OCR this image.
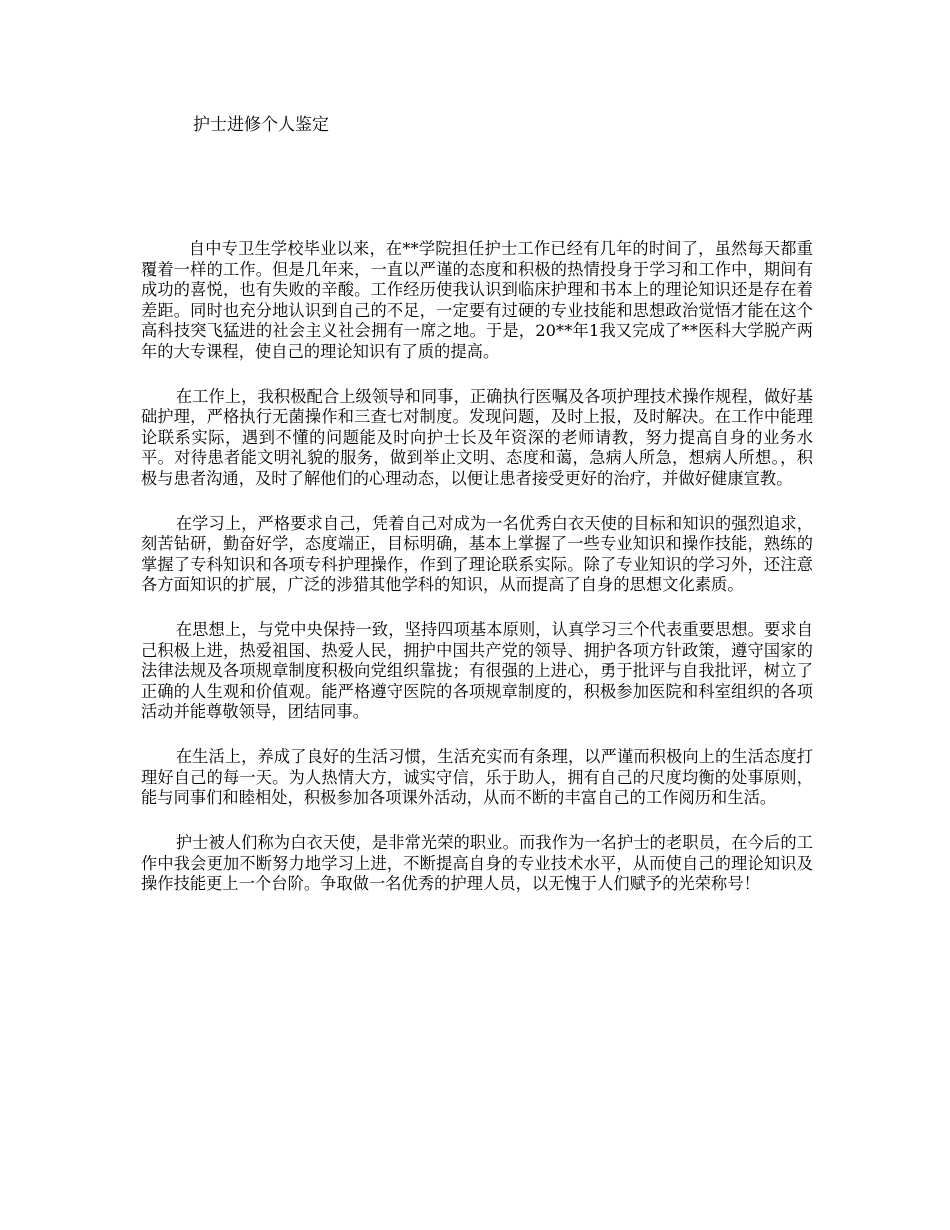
护士进修个人鉴定

自中专卫生学校毕业以来，在**学院担任护士工作已经有几年的时间了，虽然每天都重覆着一样的工作。但是几年来，一直以严谨的态度和积极的热情投身于学习和工作中，期间有成功的喜悦，也有失败的辛酸。工作经历使我认识到临床护理和书本上的理论知识还是存在着差距。同时也充分地认识到自己的不足，一定要有过硬的专业技能和思想政治觉悟才能在这个高科技突飞猛进的社会主义社会拥有一席之地。于是，20**年1我又完成了**医科大学脱产两年的大专课程，使自己的理论知识有了质的提高。

在工作上，我积极配合上级领导和同事，正确执行医嘱及各项护理技术操作规程，做好基础护理，严格执行无菌操作和三查七对制度。发现问题，及时上报，及时解决。在工作中能理论联系实际，遇到不懂的问题能及时向护士长及年资深的老师请教，努力提高自身的业务水平。对待患者能文明礼貌的服务，做到举止文明、态度和蔼，急病人所急，想病人所想。，积极与患者沟通，及时了解他们的心理动态，以便让患者接受更好的治疗，并做好健康宣教。

在学习上，严格要求自己，凭着自己对成为一名优秀白衣天使的目标和知识的强烈追求，刻苦钻研，勤奋好学，态度端正，目标明确，基本上掌握了一些专业知识和操作技能，熟练的掌握了专科知识和各项专科护理操作，作到了理论联系实际。除了专业知识的学习外，还注意各方面知识的扩展，广泛的涉猎其他学科的知识，从而提高了自身的思想文化素质。

在思想上，与党中央保持一致，坚持四项基本原则，认真学习三个代表重要思想。要求自己积极上进，热爱祖国、热爱人民，拥护中国共产党的领导、拥护各项方针政策，遵守国家的法律法规及各项规章制度积极向党组织靠拢；有很强的上进心，勇于批评与自我批评，树立了正确的人生观和价值观。能严格遵守医院的各项规章制度的，积极参加医院和科室组织的各项活动并能尊敬领导，团结同事。

在生活上，养成了良好的生活习惯，生活充实而有条理，以严谨而积极向上的生活态度打理好自己的每一天。为人热情大方，诚实守信，乐于助人，拥有自己的尺度均衡的处事原则，能与同事们和睦相处，积极参加各项课外活动，从而不断的丰富自己的工作阅历和生活。

护士被人们称为白衣天使，是非常光荣的职业。而我作为一名护士的老职员，在今后的工作中我会更加不断努力地学习上进，不断提高自身的专业技术水平，从而使自己的理论知识及操作技能更上一个台阶。争取做一名优秀的护理人员，以无愧于人们赋予的光荣称号！
